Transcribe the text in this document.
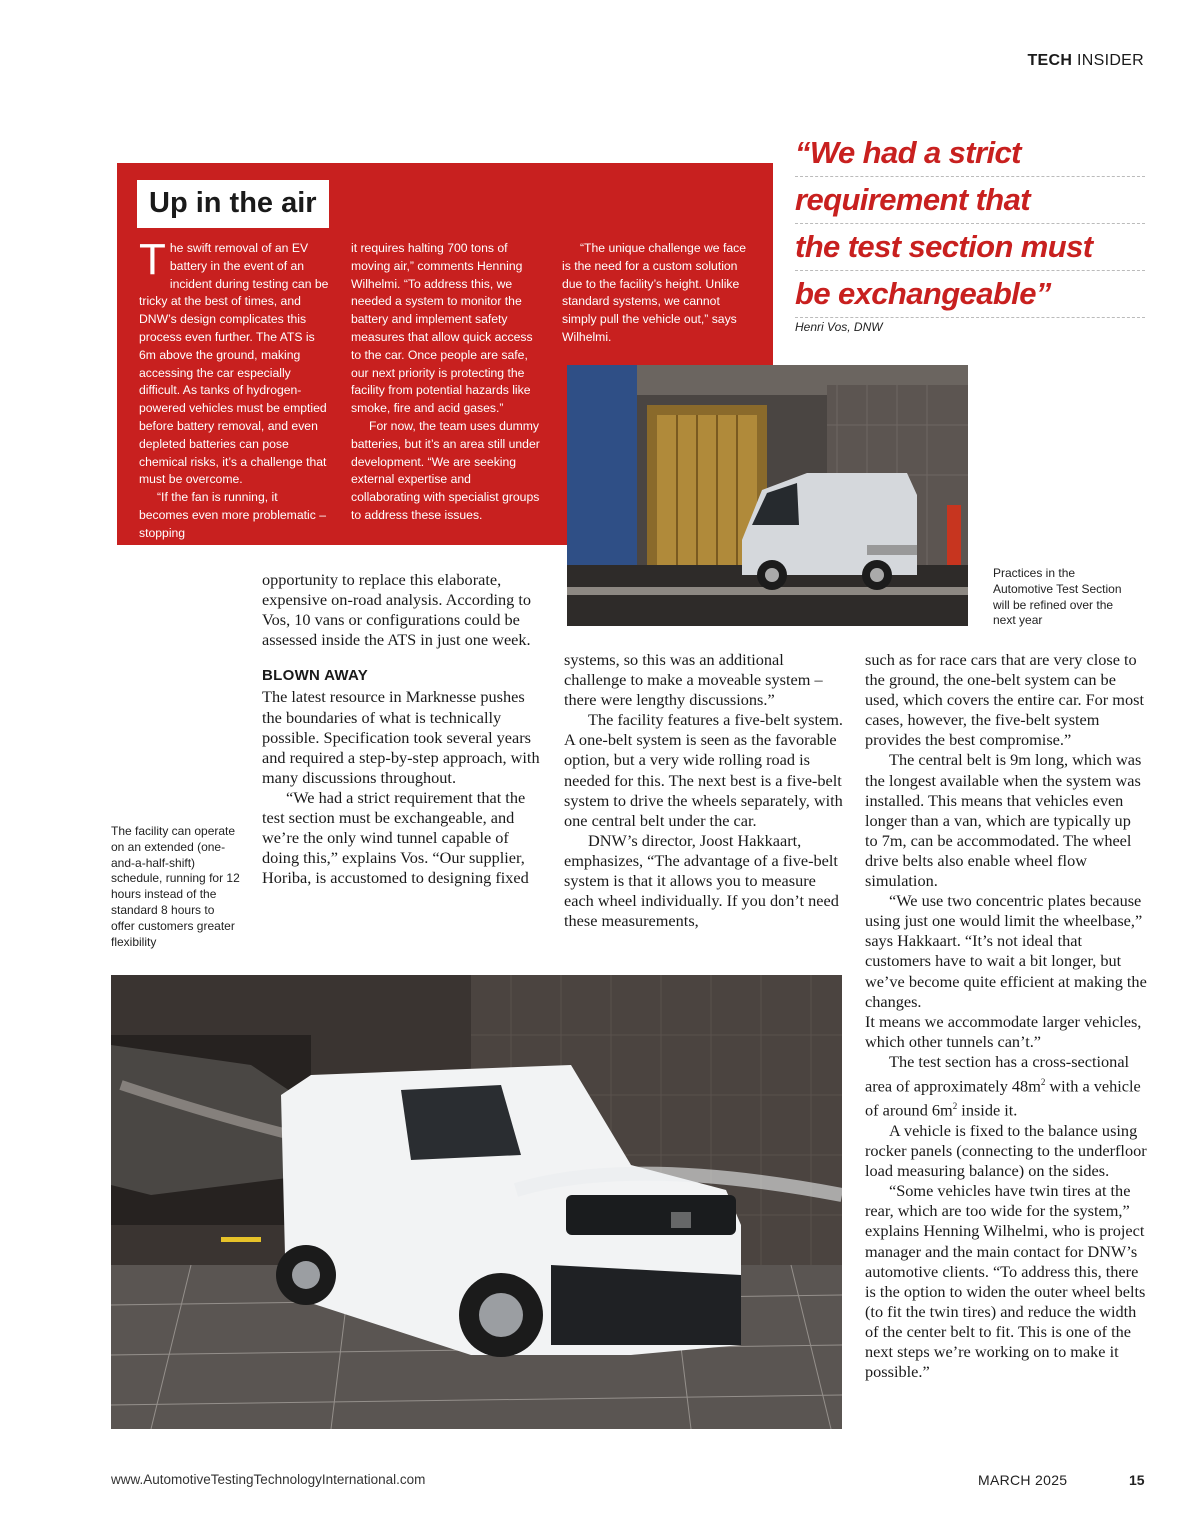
TECH INSIDER
Up in the air

The swift removal of an EV battery in the event of an incident during testing can be tricky at the best of times, and DNW’s design complicates this process even further. The ATS is 6m above the ground, making accessing the car especially difficult. As tanks of hydrogen-powered vehicles must be emptied before battery removal, and even depleted batteries can pose chemical risks, it’s a challenge that must be overcome.

“If the fan is running, it becomes even more problematic – stopping

it requires halting 700 tons of moving air,” comments Henning Wilhelmi. “To address this, we needed a system to monitor the battery and implement safety measures that allow quick access to the car. Once people are safe, our next priority is protecting the facility from potential hazards like smoke, fire and acid gases.”

For now, the team uses dummy batteries, but it’s an area still under development. “We are seeking external expertise and collaborating with specialist groups to address these issues.

“The unique challenge we face is the need for a custom solution due to the facility’s height. Unlike standard systems, we cannot simply pull the vehicle out,” says Wilhelmi.

“We had a strict
requirement that
the test section must
be exchangeable”
Henri Vos, DNW
Practices in the Automotive Test Section will be refined over the next year

opportunity to replace this elaborate, expensive on-road analysis. According to Vos, 10 vans or configurations could be assessed inside the ATS in just one week.

BLOWN AWAY

The latest resource in Marknesse pushes the boundaries of what is technically possible. Specification took several years and required a step-by-step approach, with many discussions throughout.

“We had a strict requirement that the test section must be exchangeable, and we’re the only wind tunnel capable of doing this,” explains Vos. “Our supplier, Horiba, is accustomed to designing fixed

systems, so this was an additional challenge to make a moveable system – there were lengthy discussions.”

The facility features a five-belt system. A one-belt system is seen as the favorable option, but a very wide rolling road is needed for this. The next best is a five-belt system to drive the wheels separately, with one central belt under the car.

DNW’s director, Joost Hakkaart, emphasizes, “The advantage of a five-belt system is that it allows you to measure each wheel individually. If you don’t need these measurements,

such as for race cars that are very close to the ground, the one-belt system can be used, which covers the entire car. For most cases, however, the five-belt system provides the best compromise.”

The central belt is 9m long, which was the longest available when the system was installed. This means that vehicles even longer than a van, which are typically up to 7m, can be accommodated. The wheel drive belts also enable wheel flow simulation.

“We use two concentric plates because using just one would limit the wheelbase,” says Hakkaart. “It’s not ideal that customers have to wait a bit longer, but we’ve become quite efficient at making the changes.

It means we accommodate larger vehicles, which other tunnels can’t.”

The test section has a cross-sectional area of approximately $48m^2$ with a vehicle of around $6m^2$ inside it.

A vehicle is fixed to the balance using rocker panels (connecting to the underfloor load measuring balance) on the sides.

“Some vehicles have twin tires at the rear, which are too wide for the system,” explains Henning Wilhelmi, who is project manager and the main contact for DNW’s automotive clients. “To address this, there is the option to widen the outer wheel belts (to fit the twin tires) and reduce the width of the center belt to fit. This is one of the next steps we’re working on to make it possible.”

The facility can operate on an extended (one-and-a-half-shift) schedule, running for 12 hours instead of the standard 8 hours to offer customers greater flexibility
www.AutomotiveTestingTechnologyInternational.com	MARCH 2025	15
